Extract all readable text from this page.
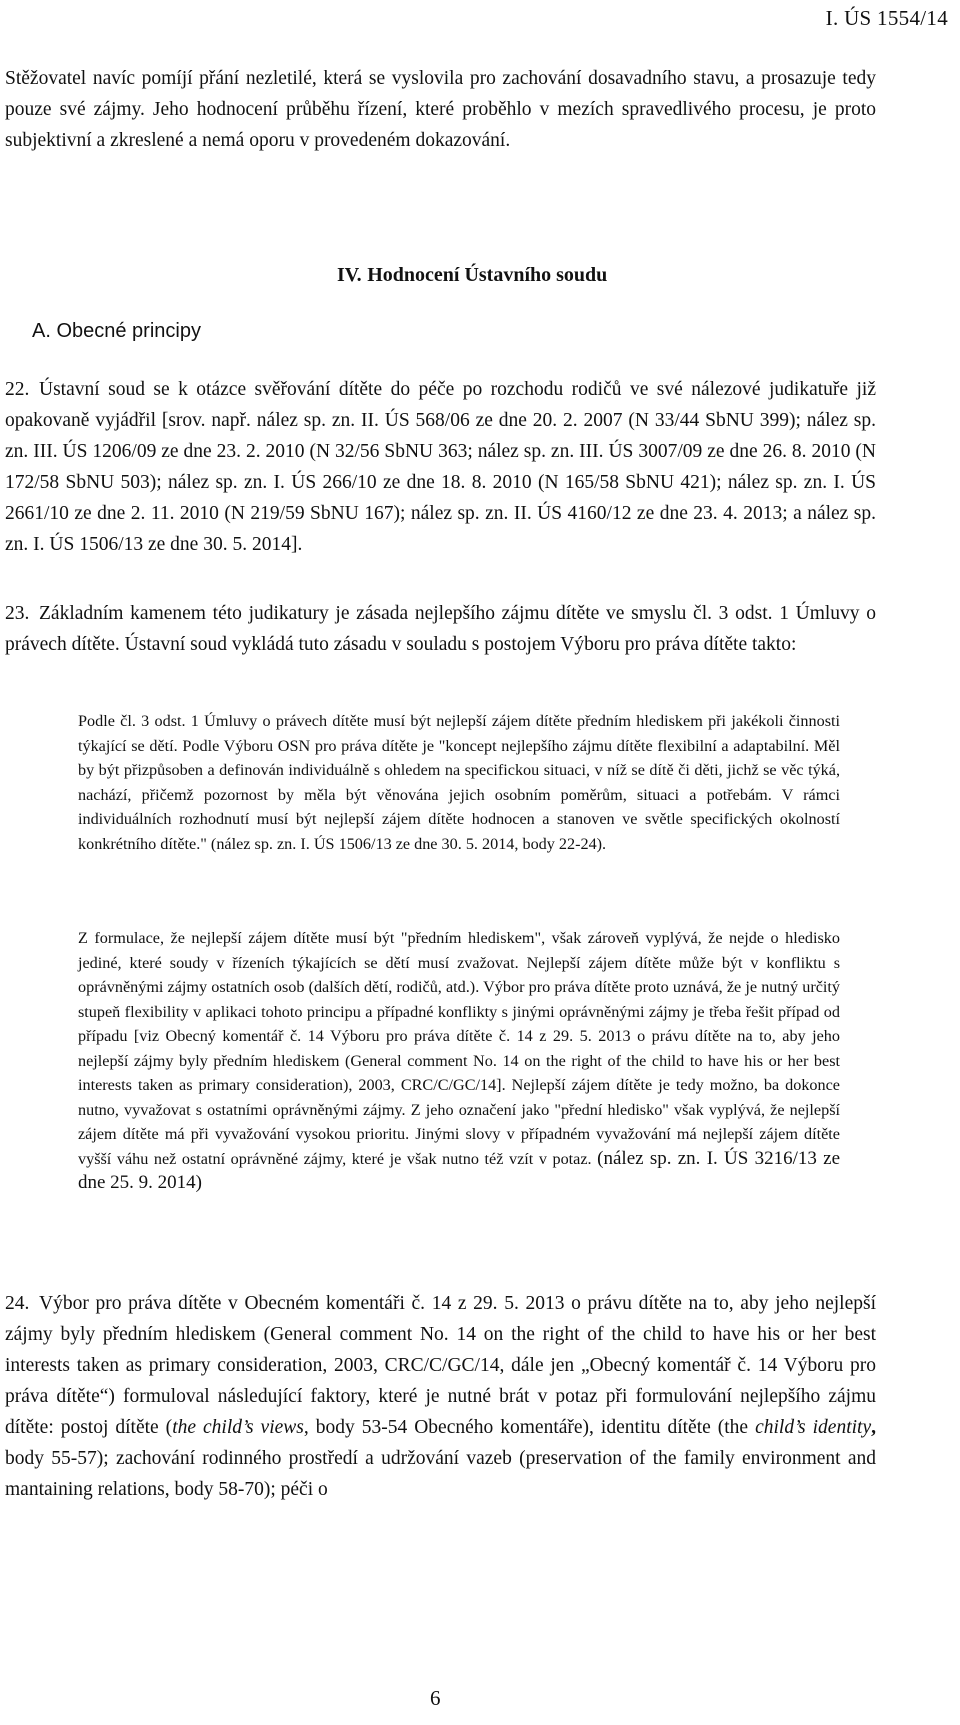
I. ÚS 1554/14

Stěžovatel navíc pomíjí přání nezletilé, která se vyslovila pro zachování dosavadního stavu, a prosazuje tedy pouze své zájmy. Jeho hodnocení průběhu řízení, které proběhlo v mezích spravedlivého procesu, je proto subjektivní a zkreslené a nemá oporu v provedeném dokazování.

IV. Hodnocení Ústavního soudu
A. Obecné principy

22. Ústavní soud se k otázce svěřování dítěte do péče po rozchodu rodičů ve své nálezové judikatuře již opakovaně vyjádřil [srov. např. nález sp. zn. II. ÚS 568/06 ze dne 20. 2. 2007 (N 33/44 SbNU 399); nález sp. zn. III. ÚS 1206/09 ze dne 23. 2. 2010 (N 32/56 SbNU 363; nález sp. zn. III. ÚS 3007/09 ze dne 26. 8. 2010 (N 172/58 SbNU 503); nález sp. zn. I. ÚS 266/10 ze dne 18. 8. 2010 (N 165/58 SbNU 421); nález sp. zn. I. ÚS 2661/10 ze dne 2. 11. 2010 (N 219/59 SbNU 167); nález sp. zn. II. ÚS 4160/12 ze dne 23. 4. 2013; a nález sp. zn. I. ÚS 1506/13 ze dne 30. 5. 2014].

23. Základním kamenem této judikatury je zásada nejlepšího zájmu dítěte ve smyslu čl. 3 odst. 1 Úmluvy o právech dítěte. Ústavní soud vykládá tuto zásadu v souladu s postojem Výboru pro práva dítěte takto:

Podle čl. 3 odst. 1 Úmluvy o právech dítěte musí být nejlepší zájem dítěte předním hlediskem při jakékoli činnosti týkající se dětí. Podle Výboru OSN pro práva dítěte je "koncept nejlepšího zájmu dítěte flexibilní a adaptabilní. Měl by být přizpůsoben a definován individuálně s ohledem na specifickou situaci, v níž se dítě či děti, jichž se věc týká, nachází, přičemž pozornost by měla být věnována jejich osobním poměrům, situaci a potřebám. V rámci individuálních rozhodnutí musí být nejlepší zájem dítěte hodnocen a stanoven ve světle specifických okolností konkrétního dítěte." (nález sp. zn. I. ÚS 1506/13 ze dne 30. 5. 2014, body 22-24).

Z formulace, že nejlepší zájem dítěte musí být "předním hlediskem", však zároveň vyplývá, že nejde o hledisko jediné, které soudy v řízeních týkajících se dětí musí zvažovat. Nejlepší zájem dítěte může být v konfliktu s oprávněnými zájmy ostatních osob (dalších dětí, rodičů, atd.). Výbor pro práva dítěte proto uznává, že je nutný určitý stupeň flexibility v aplikaci tohoto principu a případné konflikty s jinými oprávněnými zájmy je třeba řešit případ od případu [viz Obecný komentář č. 14 Výboru pro práva dítěte č. 14 z 29. 5. 2013 o právu dítěte na to, aby jeho nejlepší zájmy byly předním hlediskem (General comment No. 14 on the right of the child to have his or her best interests taken as primary consideration), 2003, CRC/C/GC/14]. Nejlepší zájem dítěte je tedy možno, ba dokonce nutno, vyvažovat s ostatními oprávněnými zájmy. Z jeho označení jako "přední hledisko" však vyplývá, že nejlepší zájem dítěte má při vyvažování vysokou prioritu. Jinými slovy v případném vyvažování má nejlepší zájem dítěte vyšší váhu než ostatní oprávněné zájmy, které je však nutno též vzít v potaz. (nález sp. zn. I. ÚS 3216/13 ze dne 25. 9. 2014)

24. Výbor pro práva dítěte v Obecném komentáři č. 14 z 29. 5. 2013 o právu dítěte na to, aby jeho nejlepší zájmy byly předním hlediskem (General comment No. 14 on the right of the child to have his or her best interests taken as primary consideration, 2003, CRC/C/GC/14, dále jen „Obecný komentář č. 14 Výboru pro práva dítěte“) formuloval následující faktory, které je nutné brát v potaz při formulování nejlepšího zájmu dítěte: postoj dítěte (the child’s views, body 53-54 Obecného komentáře), identitu dítěte (the child’s identity, body 55-57); zachování rodinného prostředí a udržování vazeb (preservation of the family environment and mantaining relations, body 58-70); péči o

6
